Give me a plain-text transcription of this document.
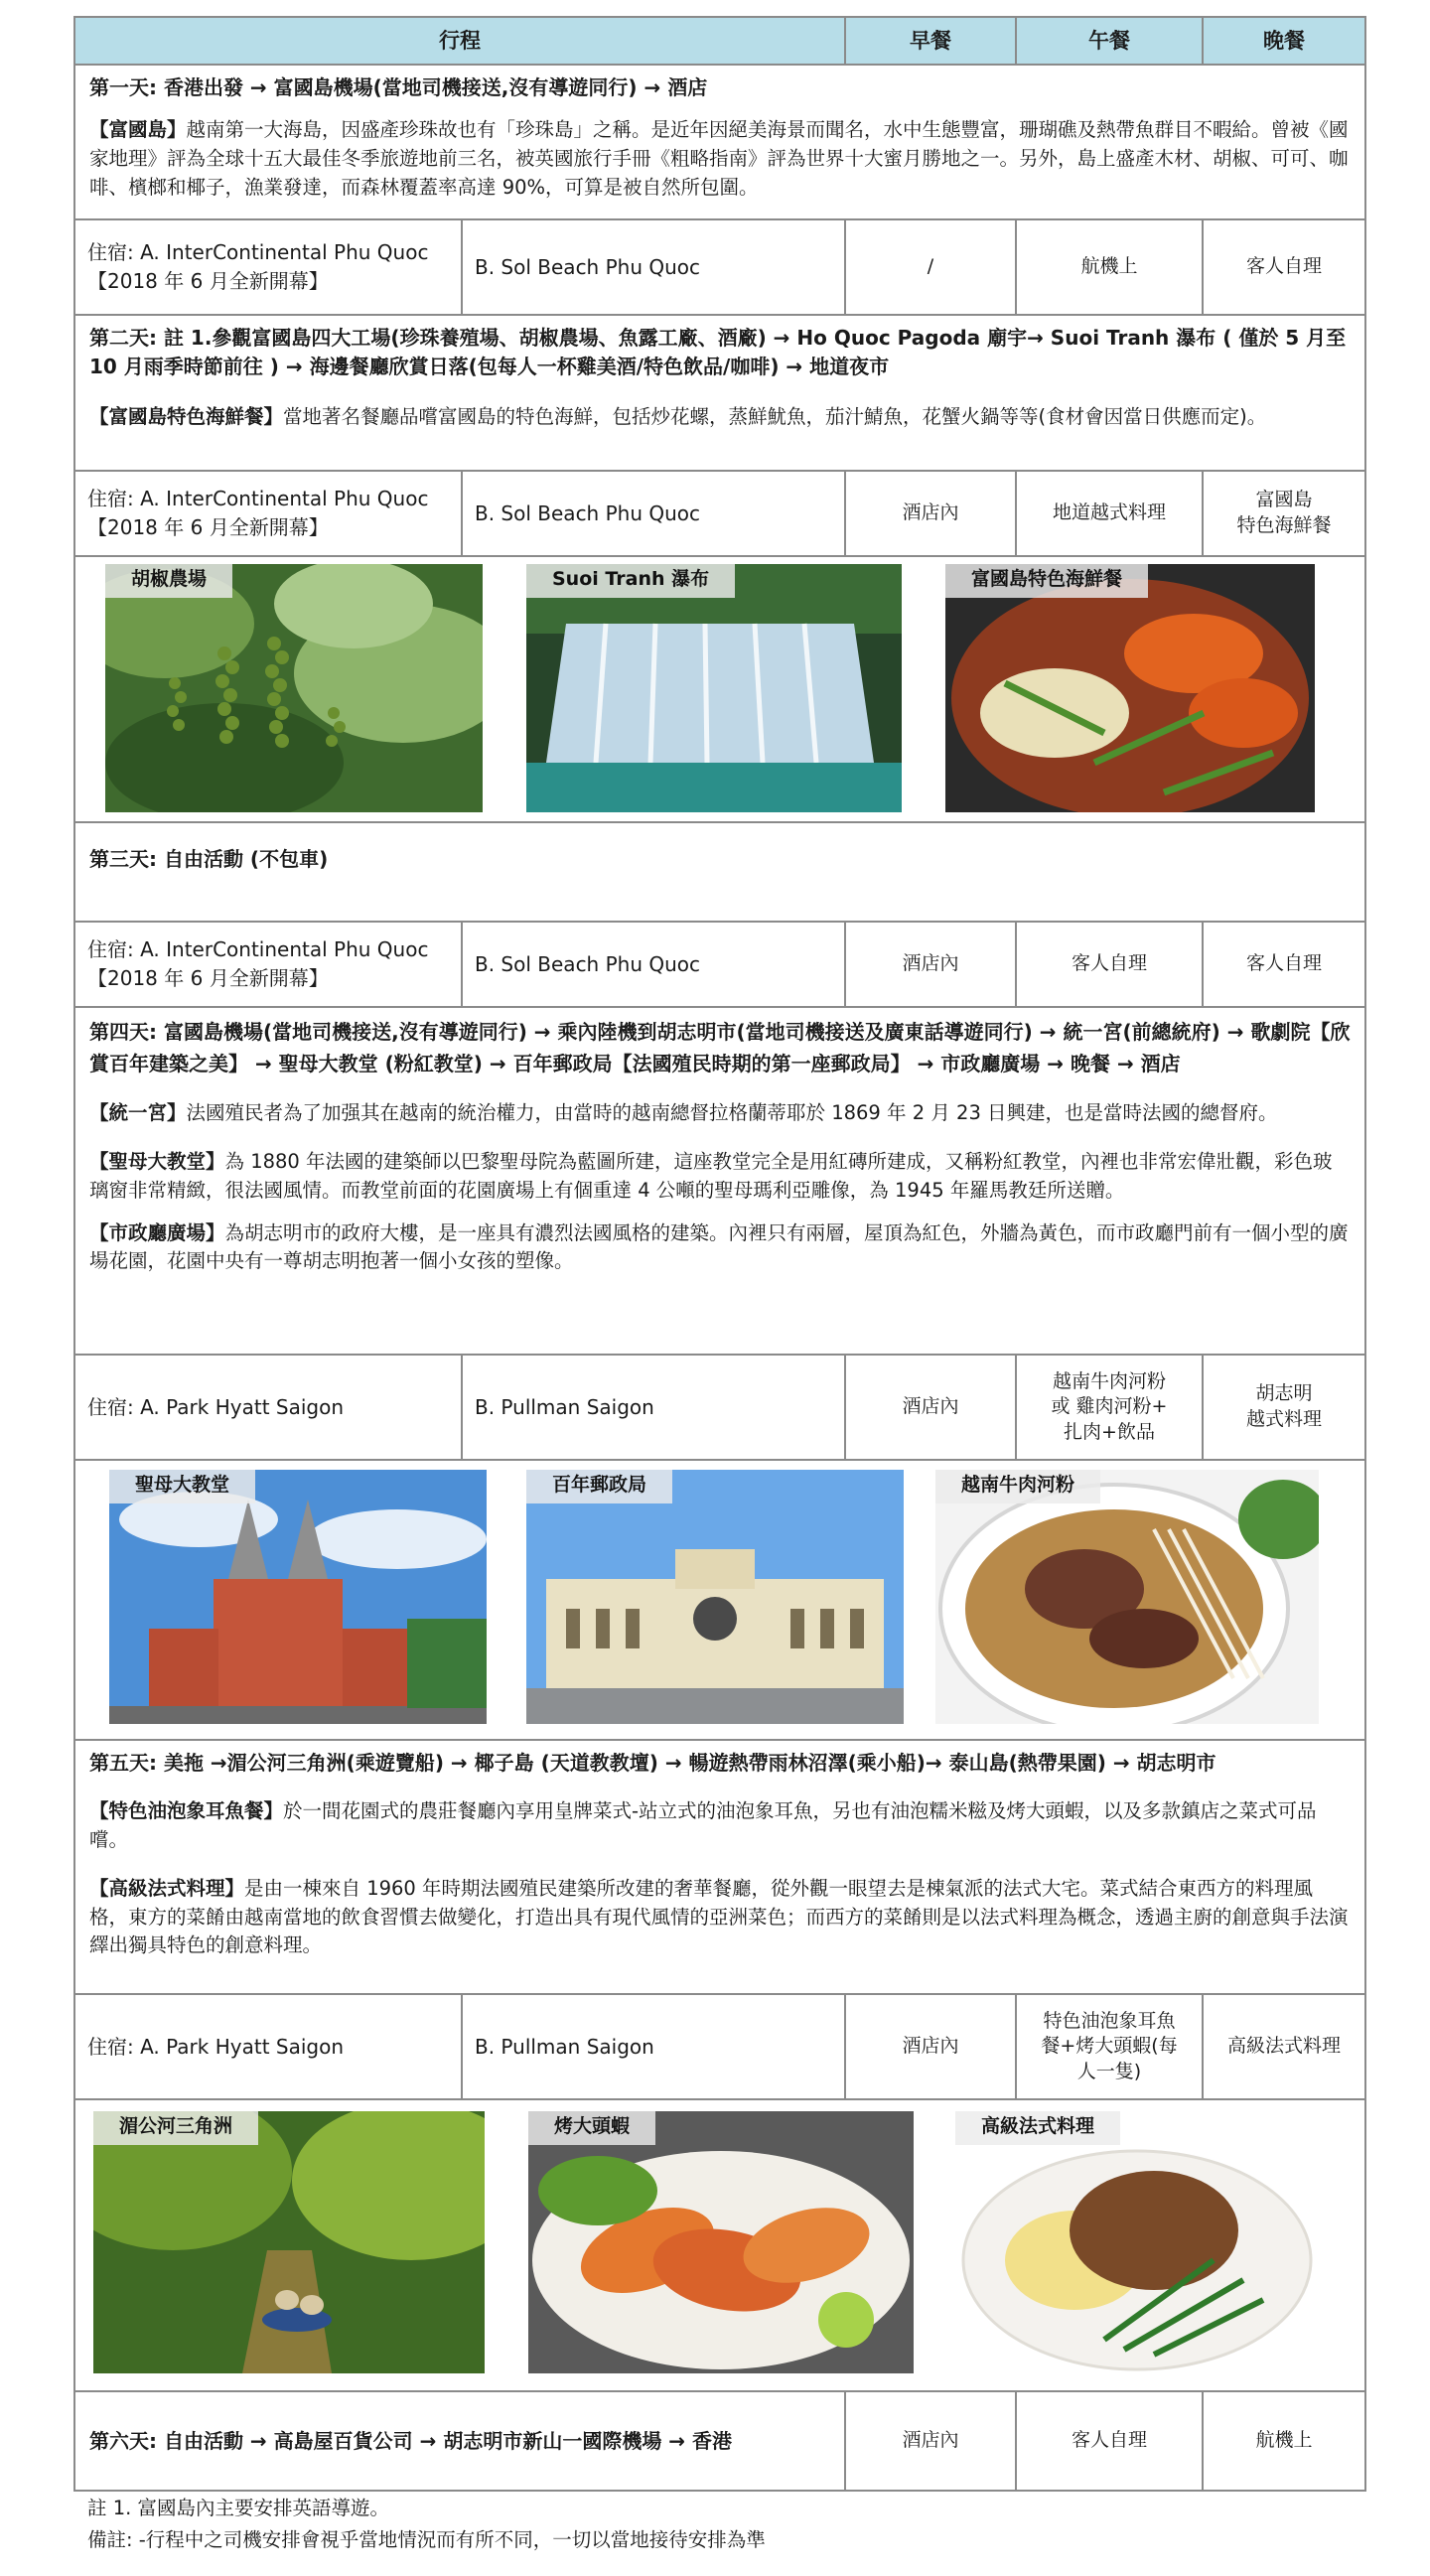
行程		早餐	午餐	晚餐

第一天: 香港出發 → 富國島機場(當地司機接送,沒有導遊同行) → 酒店
【富國島】越南第一大海島，因盛產珍珠故也有「珍珠島」之稱。是近年因絕美海景而聞名，水中生態豐富，珊瑚礁及熱帶魚群目不暇給。曾被《國家地理》評為全球十五大最佳冬季旅遊地前三名，被英國旅行手冊《粗略指南》評為世界十大蜜月勝地之一。另外，島上盛產木材、胡椒、可可、咖啡、檳榔和椰子，漁業發達，而森林覆蓋率高達 90%，可算是被自然所包圍。				

住宿: A. InterContinental Phu Quoc
【2018 年 6 月全新開幕】	B. Sol Beach Phu Quoc	/	航機上	客人自理

第二天: 註 1.參觀富國島四大工場(珍珠養殖場、胡椒農場、魚露工廠、酒廠) → Ho Quoc Pagoda 廟宇→ Suoi Tranh 瀑布 ( 僅於 5 月至 10 月雨季時節前往 ) → 海邊餐廳欣賞日落(包每人一杯雞美酒/特色飲品/咖啡) → 地道夜市
【富國島特色海鮮餐】當地著名餐廳品嚐富國島的特色海鮮，包括炒花螺，蒸鮮魷魚，茄汁鯖魚，花蟹火鍋等等(食材會因當日供應而定)。				

住宿: A. InterContinental Phu Quoc
【2018 年 6 月全新開幕】	B. Sol Beach Phu Quoc	酒店內	地道越式料理	富國島
特色海鮮餐

胡椒農場 Suoi Tranh 瀑布 富國島特色海鮮餐				

第三天: 自由活動 (不包車)				

住宿: A. InterContinental Phu Quoc
【2018 年 6 月全新開幕】	B. Sol Beach Phu Quoc	酒店內	客人自理	客人自理

第四天: 富國島機場(當地司機接送,沒有導遊同行) → 乘內陸機到胡志明市(當地司機接送及廣東話導遊同行) → 統一宮(前總統府) → 歌劇院【欣賞百年建築之美】 → 聖母大教堂 (粉紅教堂) → 百年郵政局【法國殖民時期的第一座郵政局】 → 市政廳廣場 → 晚餐 → 酒店
【統一宮】法國殖民者為了加强其在越南的統治權力，由當時的越南總督拉格蘭蒂耶於 1869 年 2 月 23 日興建，也是當時法國的總督府。
【聖母大教堂】為 1880 年法國的建築師以巴黎聖母院為藍圖所建，這座教堂完全是用紅磚所建成，又稱粉紅教堂，內裡也非常宏偉壯觀，彩色玻璃窗非常精緻，很法國風情。而教堂前面的花園廣場上有個重達 4 公噸的聖母瑪利亞雕像，為 1945 年羅馬教廷所送贈。
【市政廳廣場】為胡志明市的政府大樓，是一座具有濃烈法國風格的建築。內裡只有兩層，屋頂為紅色，外牆為黃色，而市政廳門前有一個小型的廣場花園，花園中央有一尊胡志明抱著一個小女孩的塑像。				

住宿: A. Park Hyatt Saigon	B. Pullman Saigon	酒店內	越南牛肉河粉
或 雞肉河粉+
扎肉+飲品	胡志明
越式料理

聖母大教堂 百年郵政局 越南牛肉河粉				

第五天: 美拖 →湄公河三角洲(乘遊覽船) → 椰子島 (天道教教壇) → 暢遊熱帶雨林沼澤(乘小船)→ 泰山島(熱帶果園) → 胡志明市
【特色油泡象耳魚餐】於一間花園式的農莊餐廳內享用皇牌菜式-站立式的油泡象耳魚，另也有油泡糯米糍及烤大頭蝦，以及多款鎮店之菜式可品嚐。
【高級法式料理】是由一棟來自 1960 年時期法國殖民建築所改建的奢華餐廳，從外觀一眼望去是棟氣派的法式大宅。菜式結合東西方的料理風格，東方的菜餚由越南當地的飲食習慣去做變化，打造出具有現代風情的亞洲菜色；而西方的菜餚則是以法式料理為概念，透過主廚的創意與手法演繹出獨具特色的創意料理。				

住宿: A. Park Hyatt Saigon	B. Pullman Saigon	酒店內	特色油泡象耳魚
餐+烤大頭蝦(每
人一隻)	高級法式料理

湄公河三角洲 烤大頭蝦 高級法式料理				

第六天: 自由活動 → 高島屋百貨公司 → 胡志明市新山一國際機場 → 香港		酒店內	客人自理	航機上
註 1. 富國島內主要安排英語導遊。
備註: -行程中之司機安排會視乎當地情況而有所不同，一切以當地接待安排為準
